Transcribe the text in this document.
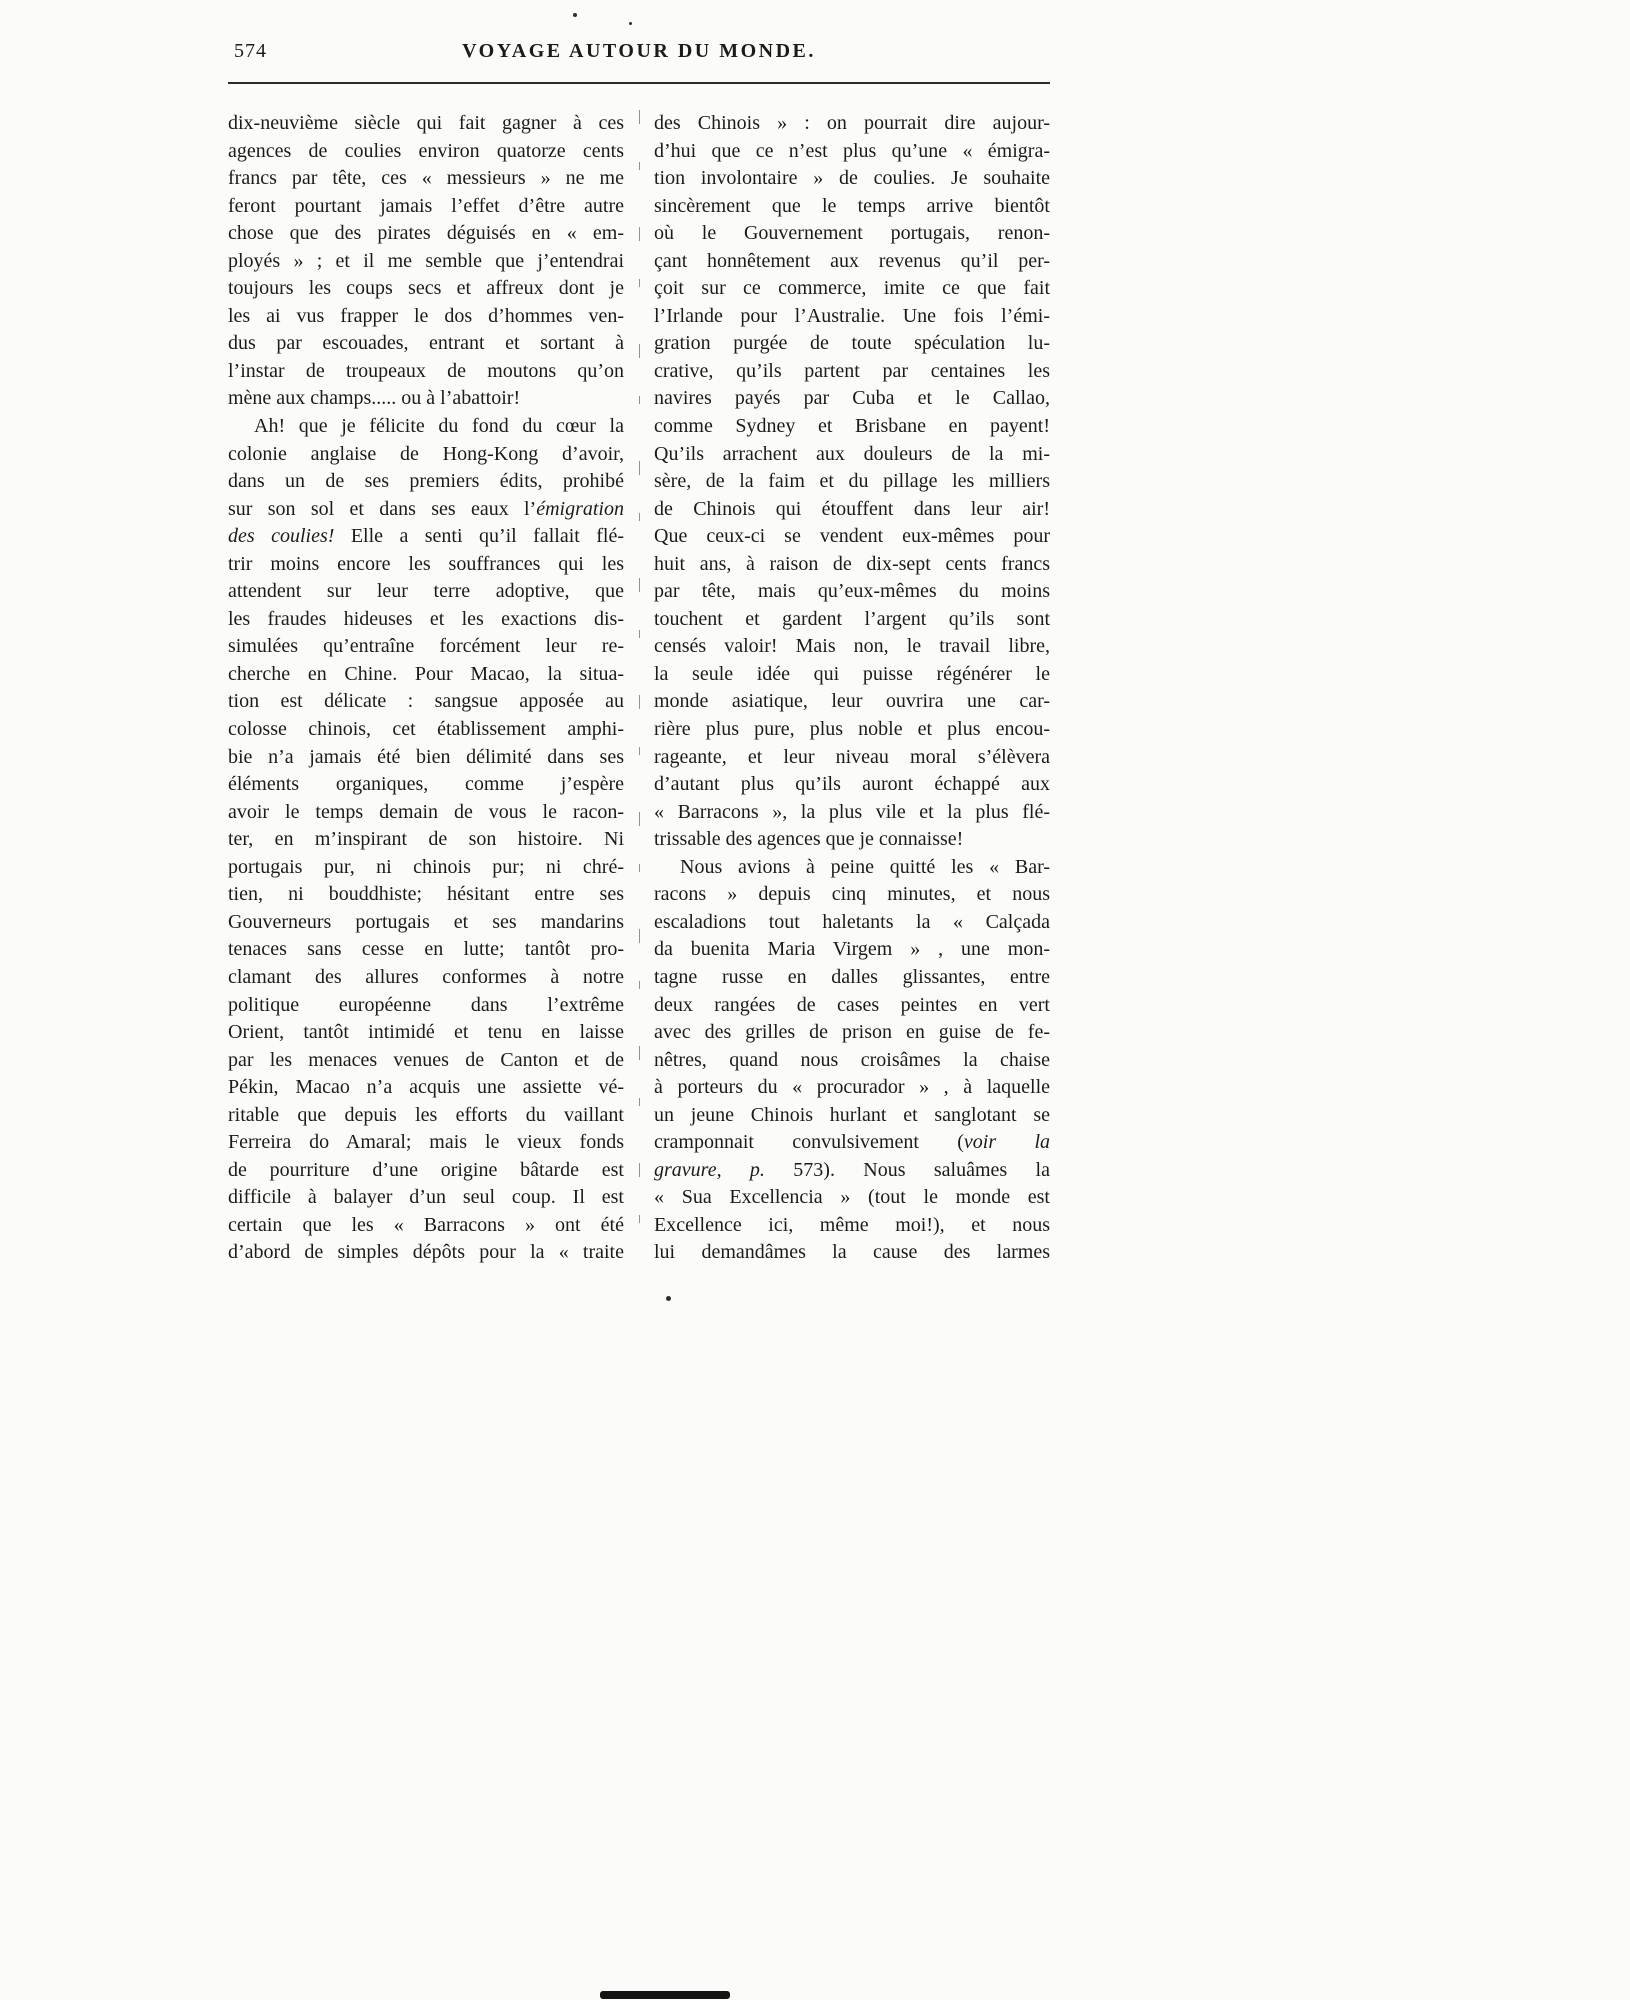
574	VOYAGE AUTOUR DU MONDE.
dix-neuvième siècle qui fait gagner à ces
agences de coulies environ quatorze cents
francs par tête, ces « messieurs » ne me
feront pourtant jamais l’effet d’être autre
chose que des pirates déguisés en « em-
ployés » ; et il me semble que j’entendrai
toujours les coups secs et affreux dont je
les ai vus frapper le dos d’hommes ven-
dus par escouades, entrant et sortant à
l’instar de troupeaux de moutons qu’on
mène aux champs..... ou à l’abattoir!
Ah! que je félicite du fond du cœur la
colonie anglaise de Hong-Kong d’avoir,
dans un de ses premiers édits, prohibé
sur son sol et dans ses eaux l’émigration
des coulies! Elle a senti qu’il fallait flé-
trir moins encore les souffrances qui les
attendent sur leur terre adoptive, que
les fraudes hideuses et les exactions dis-
simulées qu’entraîne forcément leur re-
cherche en Chine. Pour Macao, la situa-
tion est délicate : sangsue apposée au
colosse chinois, cet établissement amphi-
bie n’a jamais été bien délimité dans ses
éléments organiques, comme j’espère
avoir le temps demain de vous le racon-
ter, en m’inspirant de son histoire. Ni
portugais pur, ni chinois pur; ni chré-
tien, ni bouddhiste; hésitant entre ses
Gouverneurs portugais et ses mandarins
tenaces sans cesse en lutte; tantôt pro-
clamant des allures conformes à notre
politique européenne dans l’extrême
Orient, tantôt intimidé et tenu en laisse
par les menaces venues de Canton et de
Pékin, Macao n’a acquis une assiette vé-
ritable que depuis les efforts du vaillant
Ferreira do Amaral; mais le vieux fonds
de pourriture d’une origine bâtarde est
difficile à balayer d’un seul coup. Il est
certain que les « Barracons » ont été
d’abord de simples dépôts pour la « traite
des Chinois » : on pourrait dire aujour-
d’hui que ce n’est plus qu’une « émigra-
tion involontaire » de coulies. Je souhaite
sincèrement que le temps arrive bientôt
où le Gouvernement portugais, renon-
çant honnêtement aux revenus qu’il per-
çoit sur ce commerce, imite ce que fait
l’Irlande pour l’Australie. Une fois l’émi-
gration purgée de toute spéculation lu-
crative, qu’ils partent par centaines les
navires payés par Cuba et le Callao,
comme Sydney et Brisbane en payent!
Qu’ils arrachent aux douleurs de la mi-
sère, de la faim et du pillage les milliers
de Chinois qui étouffent dans leur air!
Que ceux-ci se vendent eux-mêmes pour
huit ans, à raison de dix-sept cents francs
par tête, mais qu’eux-mêmes du moins
touchent et gardent l’argent qu’ils sont
censés valoir! Mais non, le travail libre,
la seule idée qui puisse régénérer le
monde asiatique, leur ouvrira une car-
rière plus pure, plus noble et plus encou-
rageante, et leur niveau moral s’élèvera
d’autant plus qu’ils auront échappé aux
« Barracons », la plus vile et la plus flé-
trissable des agences que je connaisse!
Nous avions à peine quitté les « Bar-
racons » depuis cinq minutes, et nous
escaladions tout haletants la « Calçada
da buenita Maria Virgem » , une mon-
tagne russe en dalles glissantes, entre
deux rangées de cases peintes en vert
avec des grilles de prison en guise de fe-
nêtres, quand nous croisâmes la chaise
à porteurs du « procurador » , à laquelle
un jeune Chinois hurlant et sanglotant se
cramponnait convulsivement (voir la
gravure, p. 573). Nous saluâmes la
« Sua Excellencia » (tout le monde est
Excellence ici, même moi!), et nous
lui demandâmes la cause des larmes
